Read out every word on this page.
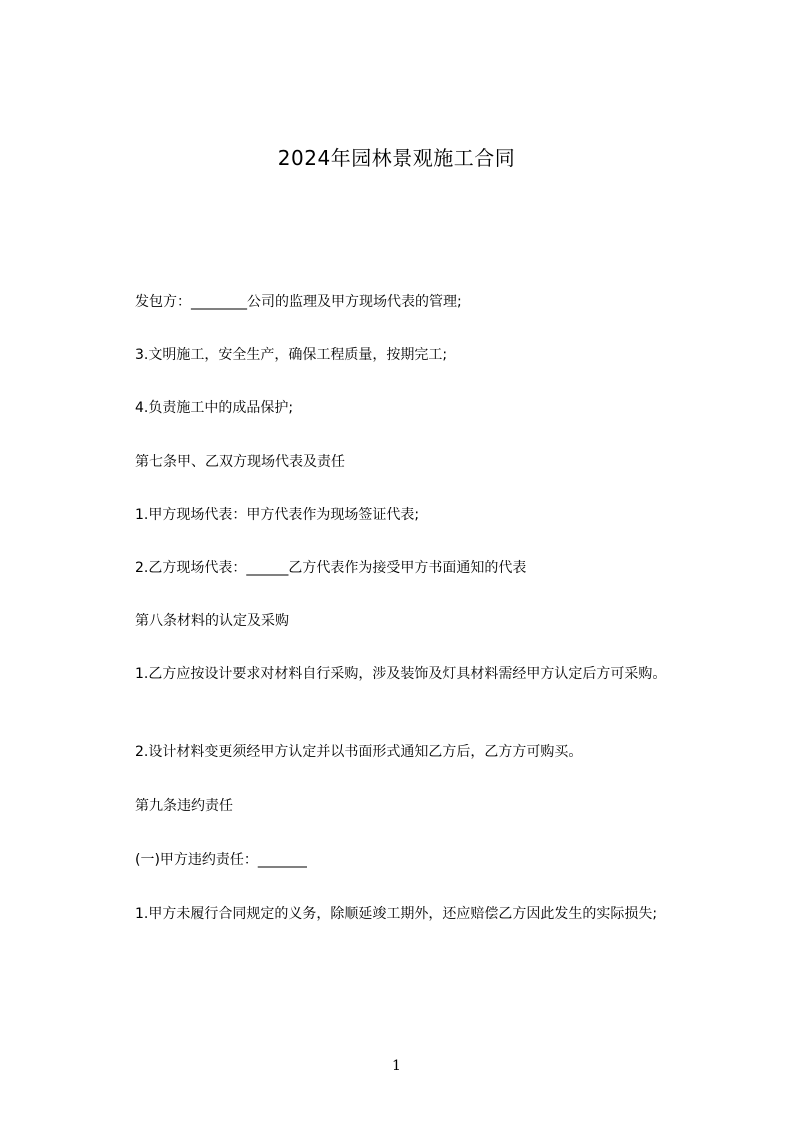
2024年园林景观施工合同
发包方：________公司的监理及甲方现场代表的管理;
3.文明施工，安全生产，确保工程质量，按期完工;
4.负责施工中的成品保护;
第七条甲、乙双方现场代表及责任
1.甲方现场代表：甲方代表作为现场签证代表;
2.乙方现场代表：______乙方代表作为接受甲方书面通知的代表
第八条材料的认定及采购
1.乙方应按设计要求对材料自行采购，涉及装饰及灯具材料需经甲方认定后方可采购。
2.设计材料变更须经甲方认定并以书面形式通知乙方后，乙方方可购买。
第九条违约责任
(一)甲方违约责任：_______
1.甲方未履行合同规定的义务，除顺延竣工期外，还应赔偿乙方因此发生的实际损失;
1
